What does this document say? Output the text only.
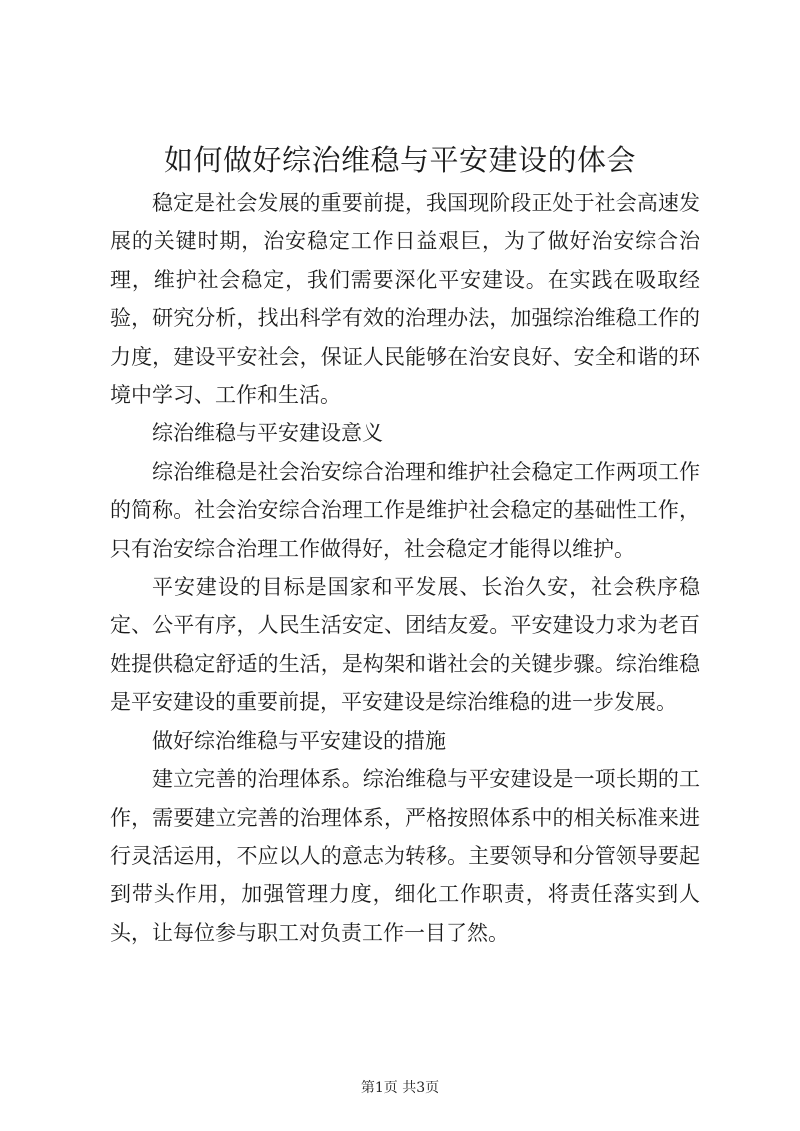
如何做好综治维稳与平安建设的体会

稳定是社会发展的重要前提，我国现阶段正处于社会高速发展的关键时期，治安稳定工作日益艰巨，为了做好治安综合治理，维护社会稳定，我们需要深化平安建设。在实践在吸取经验，研究分析，找出科学有效的治理办法，加强综治维稳工作的力度，建设平安社会，保证人民能够在治安良好、安全和谐的环境中学习、工作和生活。

综治维稳与平安建设意义

综治维稳是社会治安综合治理和维护社会稳定工作两项工作的简称。社会治安综合治理工作是维护社会稳定的基础性工作，只有治安综合治理工作做得好，社会稳定才能得以维护。

平安建设的目标是国家和平发展、长治久安，社会秩序稳定、公平有序，人民生活安定、团结友爱。平安建设力求为老百姓提供稳定舒适的生活，是构架和谐社会的关键步骤。综治维稳是平安建设的重要前提，平安建设是综治维稳的进一步发展。

做好综治维稳与平安建设的措施

建立完善的治理体系。综治维稳与平安建设是一项长期的工作，需要建立完善的治理体系，严格按照体系中的相关标准来进行灵活运用，不应以人的意志为转移。主要领导和分管领导要起到带头作用，加强管理力度，细化工作职责，将责任落实到人头，让每位参与职工对负责工作一目了然。

第1页 共3页
